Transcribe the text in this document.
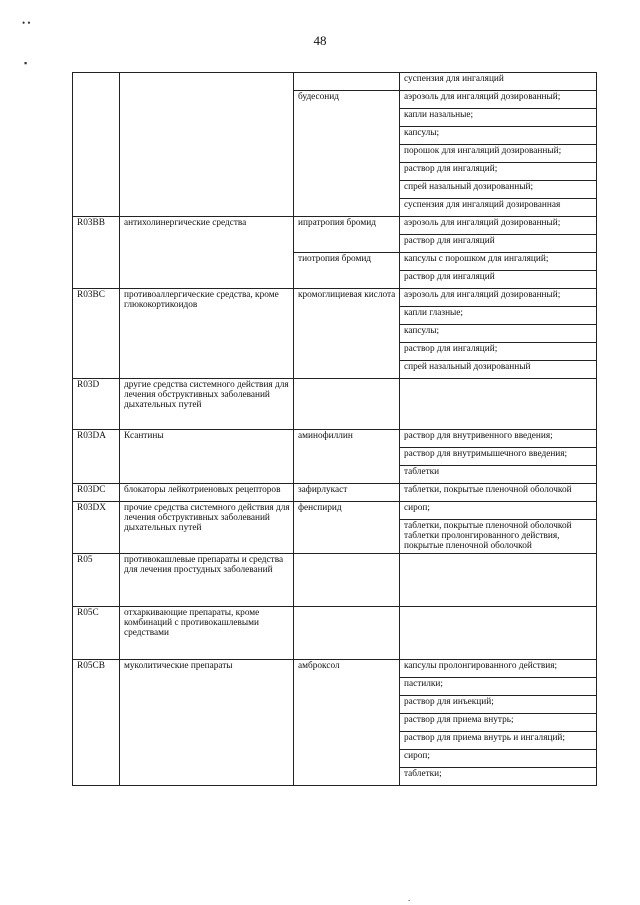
• •
▪
.
48
			суспензия для ингаляций
		будесонид	аэрозоль для ингаляций дозированный;
			капли назальные;
			капсулы;
			порошок для ингаляций дозированный;
			раствор для ингаляций;
			спрей назальный дозированный;
			суспензия для ингаляций дозированная
R03BB	антихолинергические средства	ипратропия бромид	аэрозоль для ингаляций дозированный;
			раствор для ингаляций
		тиотропия бромид	капсулы с порошком для ингаляций;
			раствор для ингаляций
R03BC	противоаллергические средства, кроме глюкокортикоидов	кромоглициевая кислота	аэрозоль для ингаляций дозированный;
			капли глазные;
			капсулы;
			раствор для ингаляций;
			спрей назальный дозированный
R03D	другие средства системного действия для лечения обструктивных заболеваний дыхательных путей		
R03DA	Ксантины	аминофиллин	раствор для внутривенного введения;
			раствор для внутримышечного введения;
			таблетки
R03DC	блокаторы лейкотриеновых рецепторов	зафирлукаст	таблетки, покрытые пленочной оболочкой
R03DX	прочие средства системного действия для лечения обструктивных заболеваний дыхательных путей	фенспирид	сироп;
			таблетки, покрытые пленочной оболочкой таблетки пролонгированного действия, покрытые пленочной оболочкой
R05	противокашлевые препараты и средства для лечения простудных заболеваний		
R05C	отхаркивающие препараты, кроме комбинаций с противокашлевыми средствами		
R05CB	муколитические препараты	амброксол	капсулы пролонгированного действия;
			пастилки;
			раствор для инъекций;
			раствор для приема внутрь;
			раствор для приема внутрь и ингаляций;
			сироп;
			таблетки;
